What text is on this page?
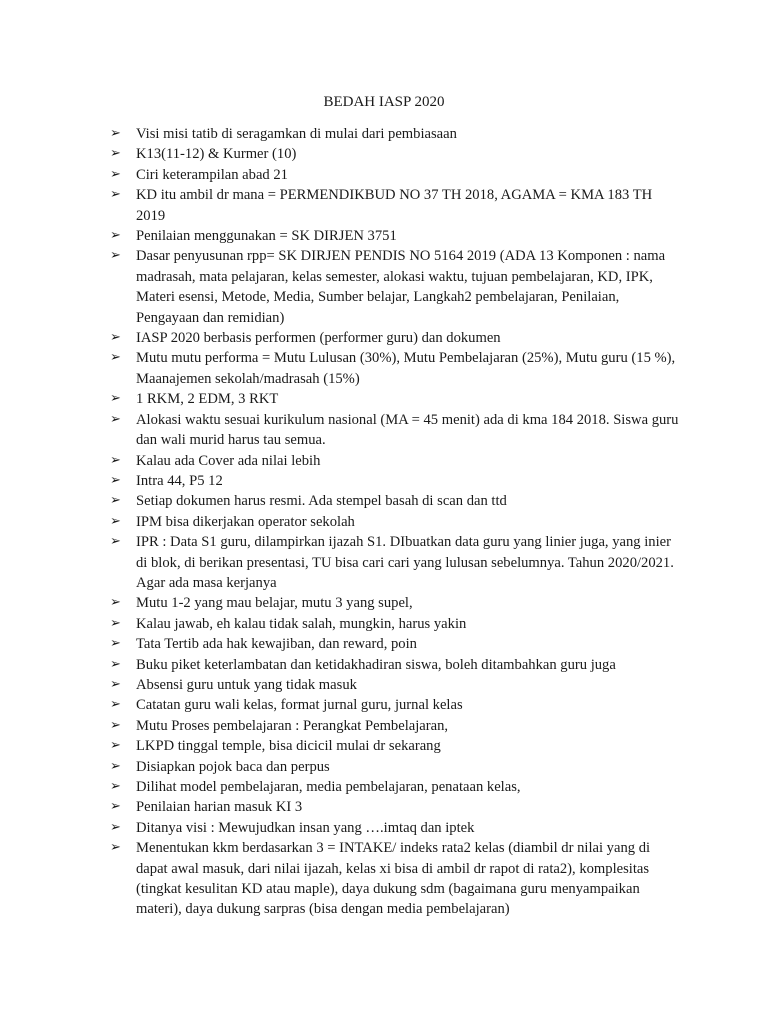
BEDAH IASP 2020
➢ Visi misi tatib di seragamkan di mulai dari pembiasaan
➢ K13(11-12) & Kurmer (10)
➢ Ciri keterampilan abad 21
➢ KD itu ambil dr mana = PERMENDIKBUD NO 37 TH 2018, AGAMA = KMA 183 TH 2019
➢ Penilaian menggunakan = SK DIRJEN 3751
➢ Dasar penyusunan rpp= SK DIRJEN PENDIS NO 5164 2019 (ADA 13 Komponen : nama madrasah, mata pelajaran, kelas semester, alokasi waktu, tujuan pembelajaran, KD, IPK, Materi esensi, Metode, Media, Sumber belajar, Langkah2 pembelajaran, Penilaian, Pengayaan dan remidian)
➢ IASP 2020 berbasis performen (performer guru) dan dokumen
➢ Mutu mutu performa = Mutu Lulusan (30%), Mutu Pembelajaran (25%), Mutu guru (15 %), Maanajemen sekolah/madrasah (15%)
➢ 1 RKM, 2 EDM, 3 RKT
➢ Alokasi waktu sesuai kurikulum nasional (MA = 45 menit) ada di kma 184 2018. Siswa guru dan wali murid harus tau semua.
➢ Kalau ada Cover ada nilai lebih
➢ Intra 44, P5 12
➢ Setiap dokumen harus resmi. Ada stempel basah di scan dan ttd
➢ IPM bisa dikerjakan operator sekolah
➢ IPR : Data S1 guru, dilampirkan ijazah S1. DIbuatkan data guru yang linier juga, yang inier di blok, di berikan presentasi, TU bisa cari cari yang lulusan sebelumnya. Tahun 2020/2021. Agar ada masa kerjanya
➢ Mutu 1-2 yang mau belajar, mutu 3 yang supel,
➢ Kalau jawab, eh kalau tidak salah, mungkin, harus yakin
➢ Tata Tertib ada hak kewajiban, dan reward, poin
➢ Buku piket keterlambatan dan ketidakhadiran siswa, boleh ditambahkan guru juga
➢ Absensi guru untuk yang tidak masuk
➢ Catatan guru wali kelas, format jurnal guru, jurnal kelas
➢ Mutu Proses pembelajaran : Perangkat Pembelajaran,
➢ LKPD tinggal temple, bisa dicicil mulai dr sekarang
➢ Disiapkan pojok baca dan perpus
➢ Dilihat model pembelajaran, media pembelajaran, penataan kelas,
➢ Penilaian harian masuk KI 3
➢ Ditanya visi : Mewujudkan insan yang ….imtaq dan iptek
➢ Menentukan kkm berdasarkan 3 = INTAKE/ indeks rata2 kelas (diambil dr nilai yang di dapat awal masuk, dari nilai ijazah, kelas xi bisa di ambil dr rapot di rata2), komplesitas (tingkat kesulitan KD atau maple), daya dukung sdm (bagaimana guru menyampaikan materi), daya dukung sarpras (bisa dengan media pembelajaran)
